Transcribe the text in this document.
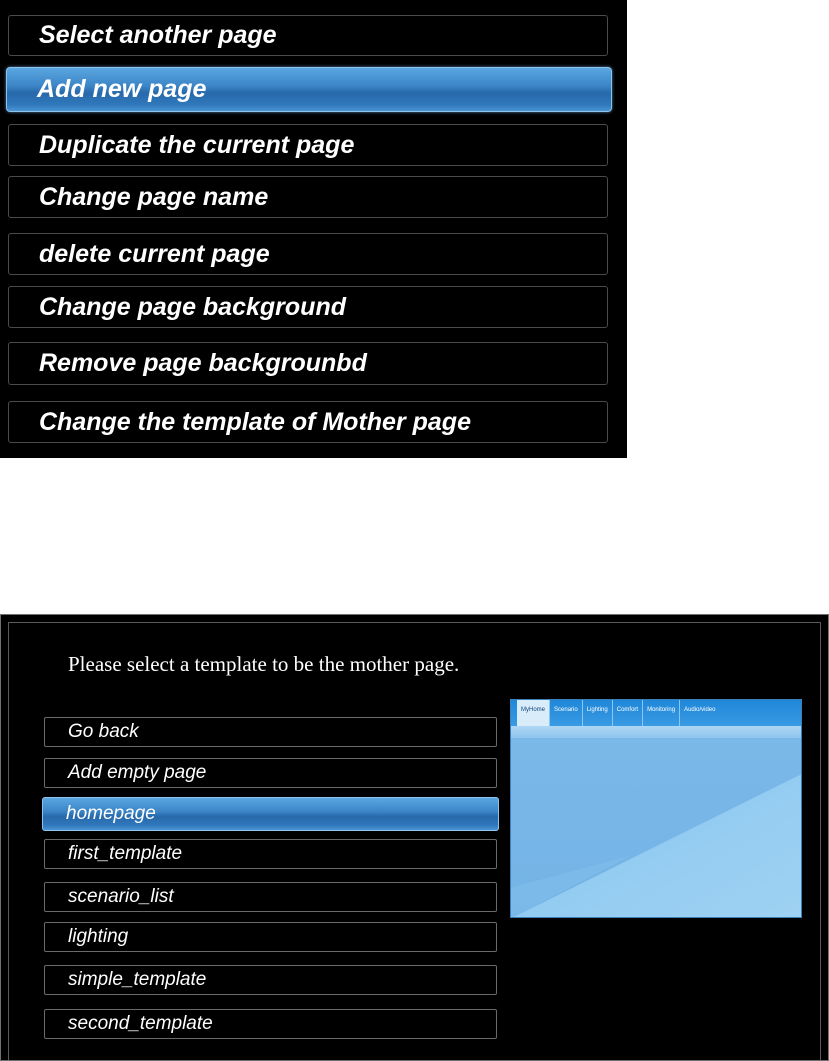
Select another page
Add new page
Duplicate the current page
Change page name
delete current page
Change page background
Remove page backgrounbd
Change the template of Mother page
Please select a template to be the mother page.
Go back
Add empty page
homepage
first_template
scenario_list
lighting
simple_template
second_template
MyHome	Scenario	Lighting	Comfort	Monitoring	Audio/video
